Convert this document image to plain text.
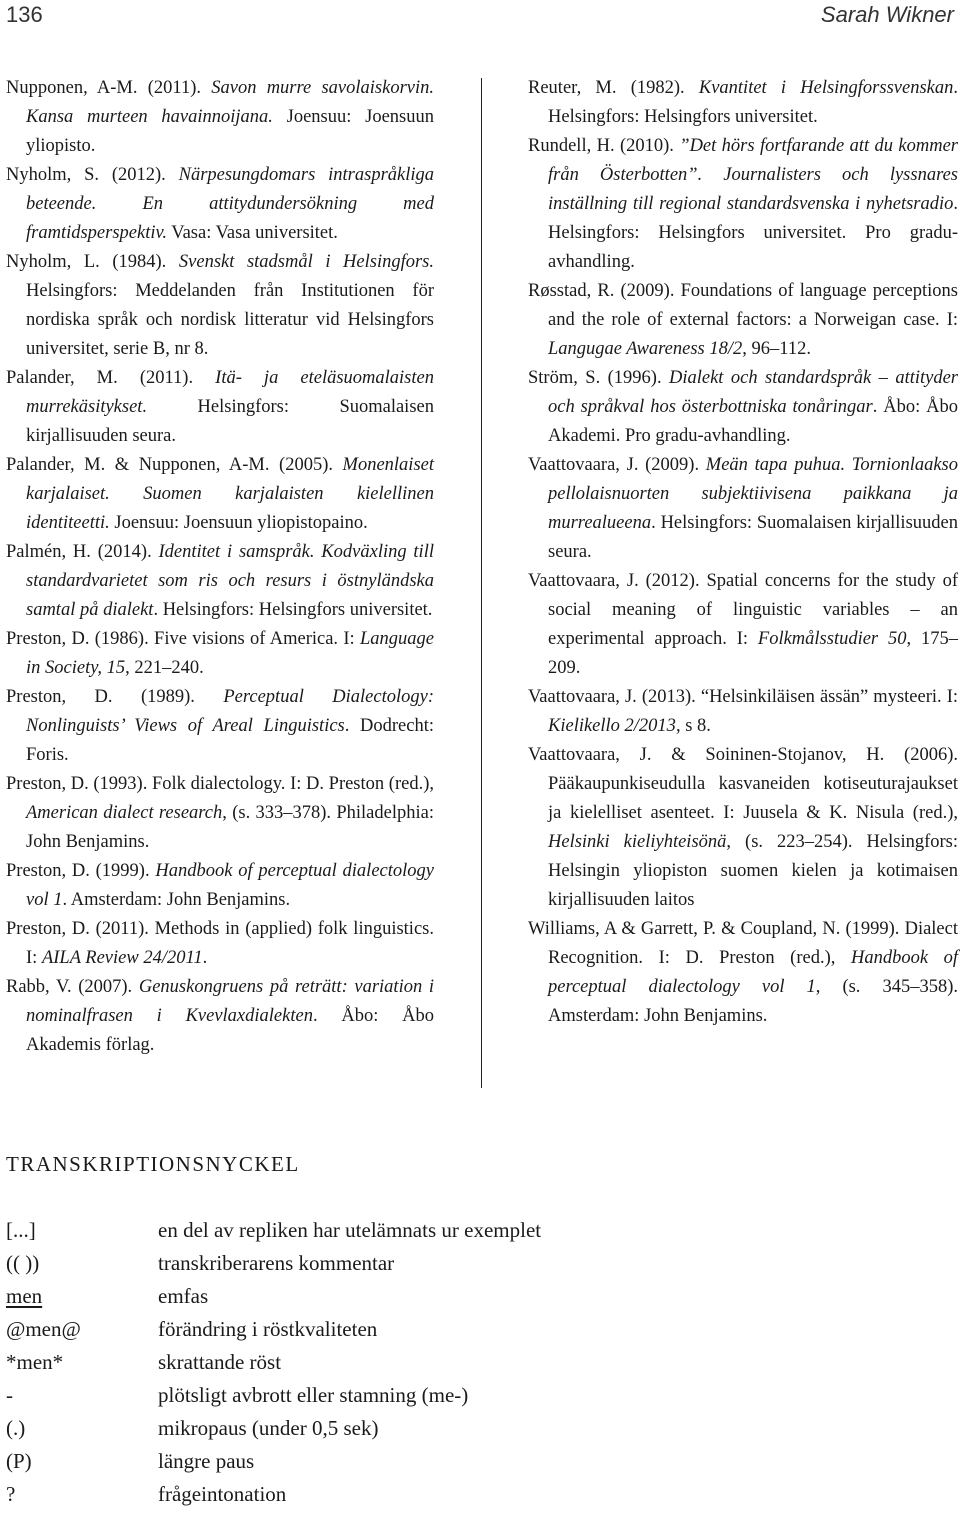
136	Sarah Wikner

Nupponen, A-M. (2011). Savon murre savolaiskorvin. Kansa murteen havainnoijana. Joensuu: Joensuun yliopisto.

Nyholm, S. (2012). Närpesungdomars intraspråkliga beteende. En attitydundersökning med framtidsperspektiv. Vasa: Vasa universitet.

Nyholm, L. (1984). Svenskt stadsmål i Helsingfors. Helsingfors: Meddelanden från Institutionen för nordiska språk och nordisk litteratur vid Helsingfors universitet, serie B, nr 8.

Palander, M. (2011). Itä- ja eteläsuomalaisten murrekäsitykset. Helsingfors: Suomalaisen kirjallisuuden seura.

Palander, M. & Nupponen, A-M. (2005). Monenlaiset karjalaiset. Suomen karjalaisten kielellinen identiteetti. Joensuu: Joensuun yliopistopaino.

Palmén, H. (2014). Identitet i samspråk. Kodväxling till standardvarietet som ris och resurs i östnyländska samtal på dialekt. Helsingfors: Helsingfors universitet.

Preston, D. (1986). Five visions of America. I: Language in Society, 15, 221–240.

Preston, D. (1989). Perceptual Dialectology: Nonlinguists’ Views of Areal Linguistics. Dodrecht: Foris.

Preston, D. (1993). Folk dialectology. I: D. Preston (red.), American dialect research, (s. 333–378). Philadelphia: John Benjamins.

Preston, D. (1999). Handbook of perceptual dialectology vol 1. Amsterdam: John Benjamins.

Preston, D. (2011). Methods in (applied) folk linguistics. I: AILA Review 24/2011.

Rabb, V. (2007). Genuskongruens på reträtt: variation i nominalfrasen i Kvevlaxdialekten. Åbo: Åbo Akademis förlag.

Reuter, M. (1982). Kvantitet i Helsingforssvenskan. Helsingfors: Helsingfors universitet.

Rundell, H. (2010). ”Det hörs fortfarande att du kommer från Österbotten”. Journalisters och lyssnares inställning till regional standardsvenska i nyhetsradio. Helsingfors: Helsingfors universitet. Pro gradu-avhandling.

Røsstad, R. (2009). Foundations of language perceptions and the role of external factors: a Norweigan case. I: Langugae Awareness 18/2, 96–112.

Ström, S. (1996). Dialekt och standardspråk – attityder och språkval hos österbottniska tonåringar. Åbo: Åbo Akademi. Pro gradu-avhandling.

Vaattovaara, J. (2009). Meän tapa puhua. Tornionlaakso pellolaisnuorten subjektiivisena paikkana ja murrealueena. Helsingfors: Suomalaisen kirjallisuuden seura.

Vaattovaara, J. (2012). Spatial concerns for the study of social meaning of linguistic variables – an experimental approach. I: Folkmålsstudier 50, 175–209.

Vaattovaara, J. (2013). “Helsinkiläisen ässän” mysteeri. I: Kielikello 2/2013, s 8.

Vaattovaara, J. & Soininen-Stojanov, H. (2006). Pääkaupunkiseudulla kasvaneiden kotiseuturajaukset ja kielelliset asenteet. I: Juusela & K. Nisula (red.), Helsinki kieliyhteisönä, (s. 223–254). Helsingfors: Helsingin yliopiston suomen kielen ja kotimaisen kirjallisuuden laitos

Williams, A & Garrett, P. & Coupland, N. (1999). Dialect Recognition. I: D. Preston (red.), Handbook of perceptual dialectology vol 1, (s. 345–358). Amsterdam: John Benjamins.

TRANSKRIPTIONSNYCKEL
[...]	en del av repliken har utelämnats ur exemplet
(( ))	transkriberarens kommentar
men	emfas
@men@	förändring i röstkvaliteten
*men*	skrattande röst
-	plötsligt avbrott eller stamning (me-)
(.)	mikropaus (under 0,5 sek)
(P)	längre paus
?	frågeintonation
